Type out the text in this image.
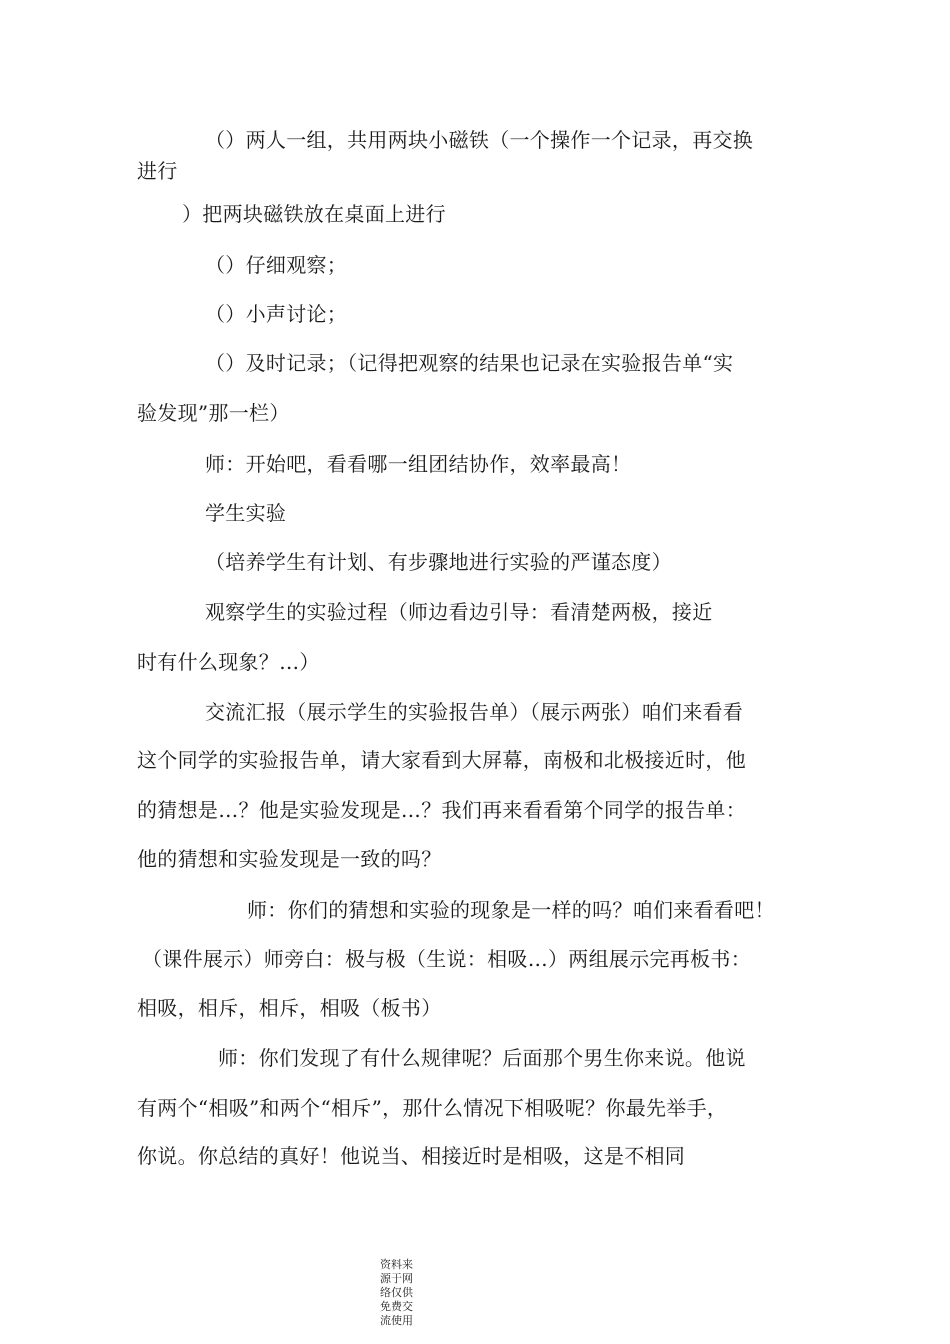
（）两人一组，共用两块小磁铁（一个操作一个记录，再交换
进行
）把两块磁铁放在桌面上进行
（）仔细观察；
（）小声讨论；
（）及时记录；（记得把观察的结果也记录在实验报告单“实
验发现”那一栏）
师：开始吧，看看哪一组团结协作，效率最高！
学生实验
（培养学生有计划、有步骤地进行实验的严谨态度）
观察学生的实验过程（师边看边引导：看清楚两极，接近
时有什么现象？…）
交流汇报（展示学生的实验报告单）（展示两张）咱们来看看
这个同学的实验报告单，请大家看到大屏幕，南极和北极接近时，他
的猜想是…？他是实验发现是…？我们再来看看第个同学的报告单：
他的猜想和实验发现是一致的吗？
师：你们的猜想和实验的现象是一样的吗？咱们来看看吧！
（课件展示）师旁白：极与极（生说：相吸…）两组展示完再板书：
相吸，相斥，相斥，相吸（板书）
师：你们发现了有什么规律呢？后面那个男生你来说。他说
有两个“相吸”和两个“相斥”，那什么情况下相吸呢？你最先举手，
你说。你总结的真好！他说当、相接近时是相吸，这是不相同
资料来
源于网
络仅供
免费交
流使用
